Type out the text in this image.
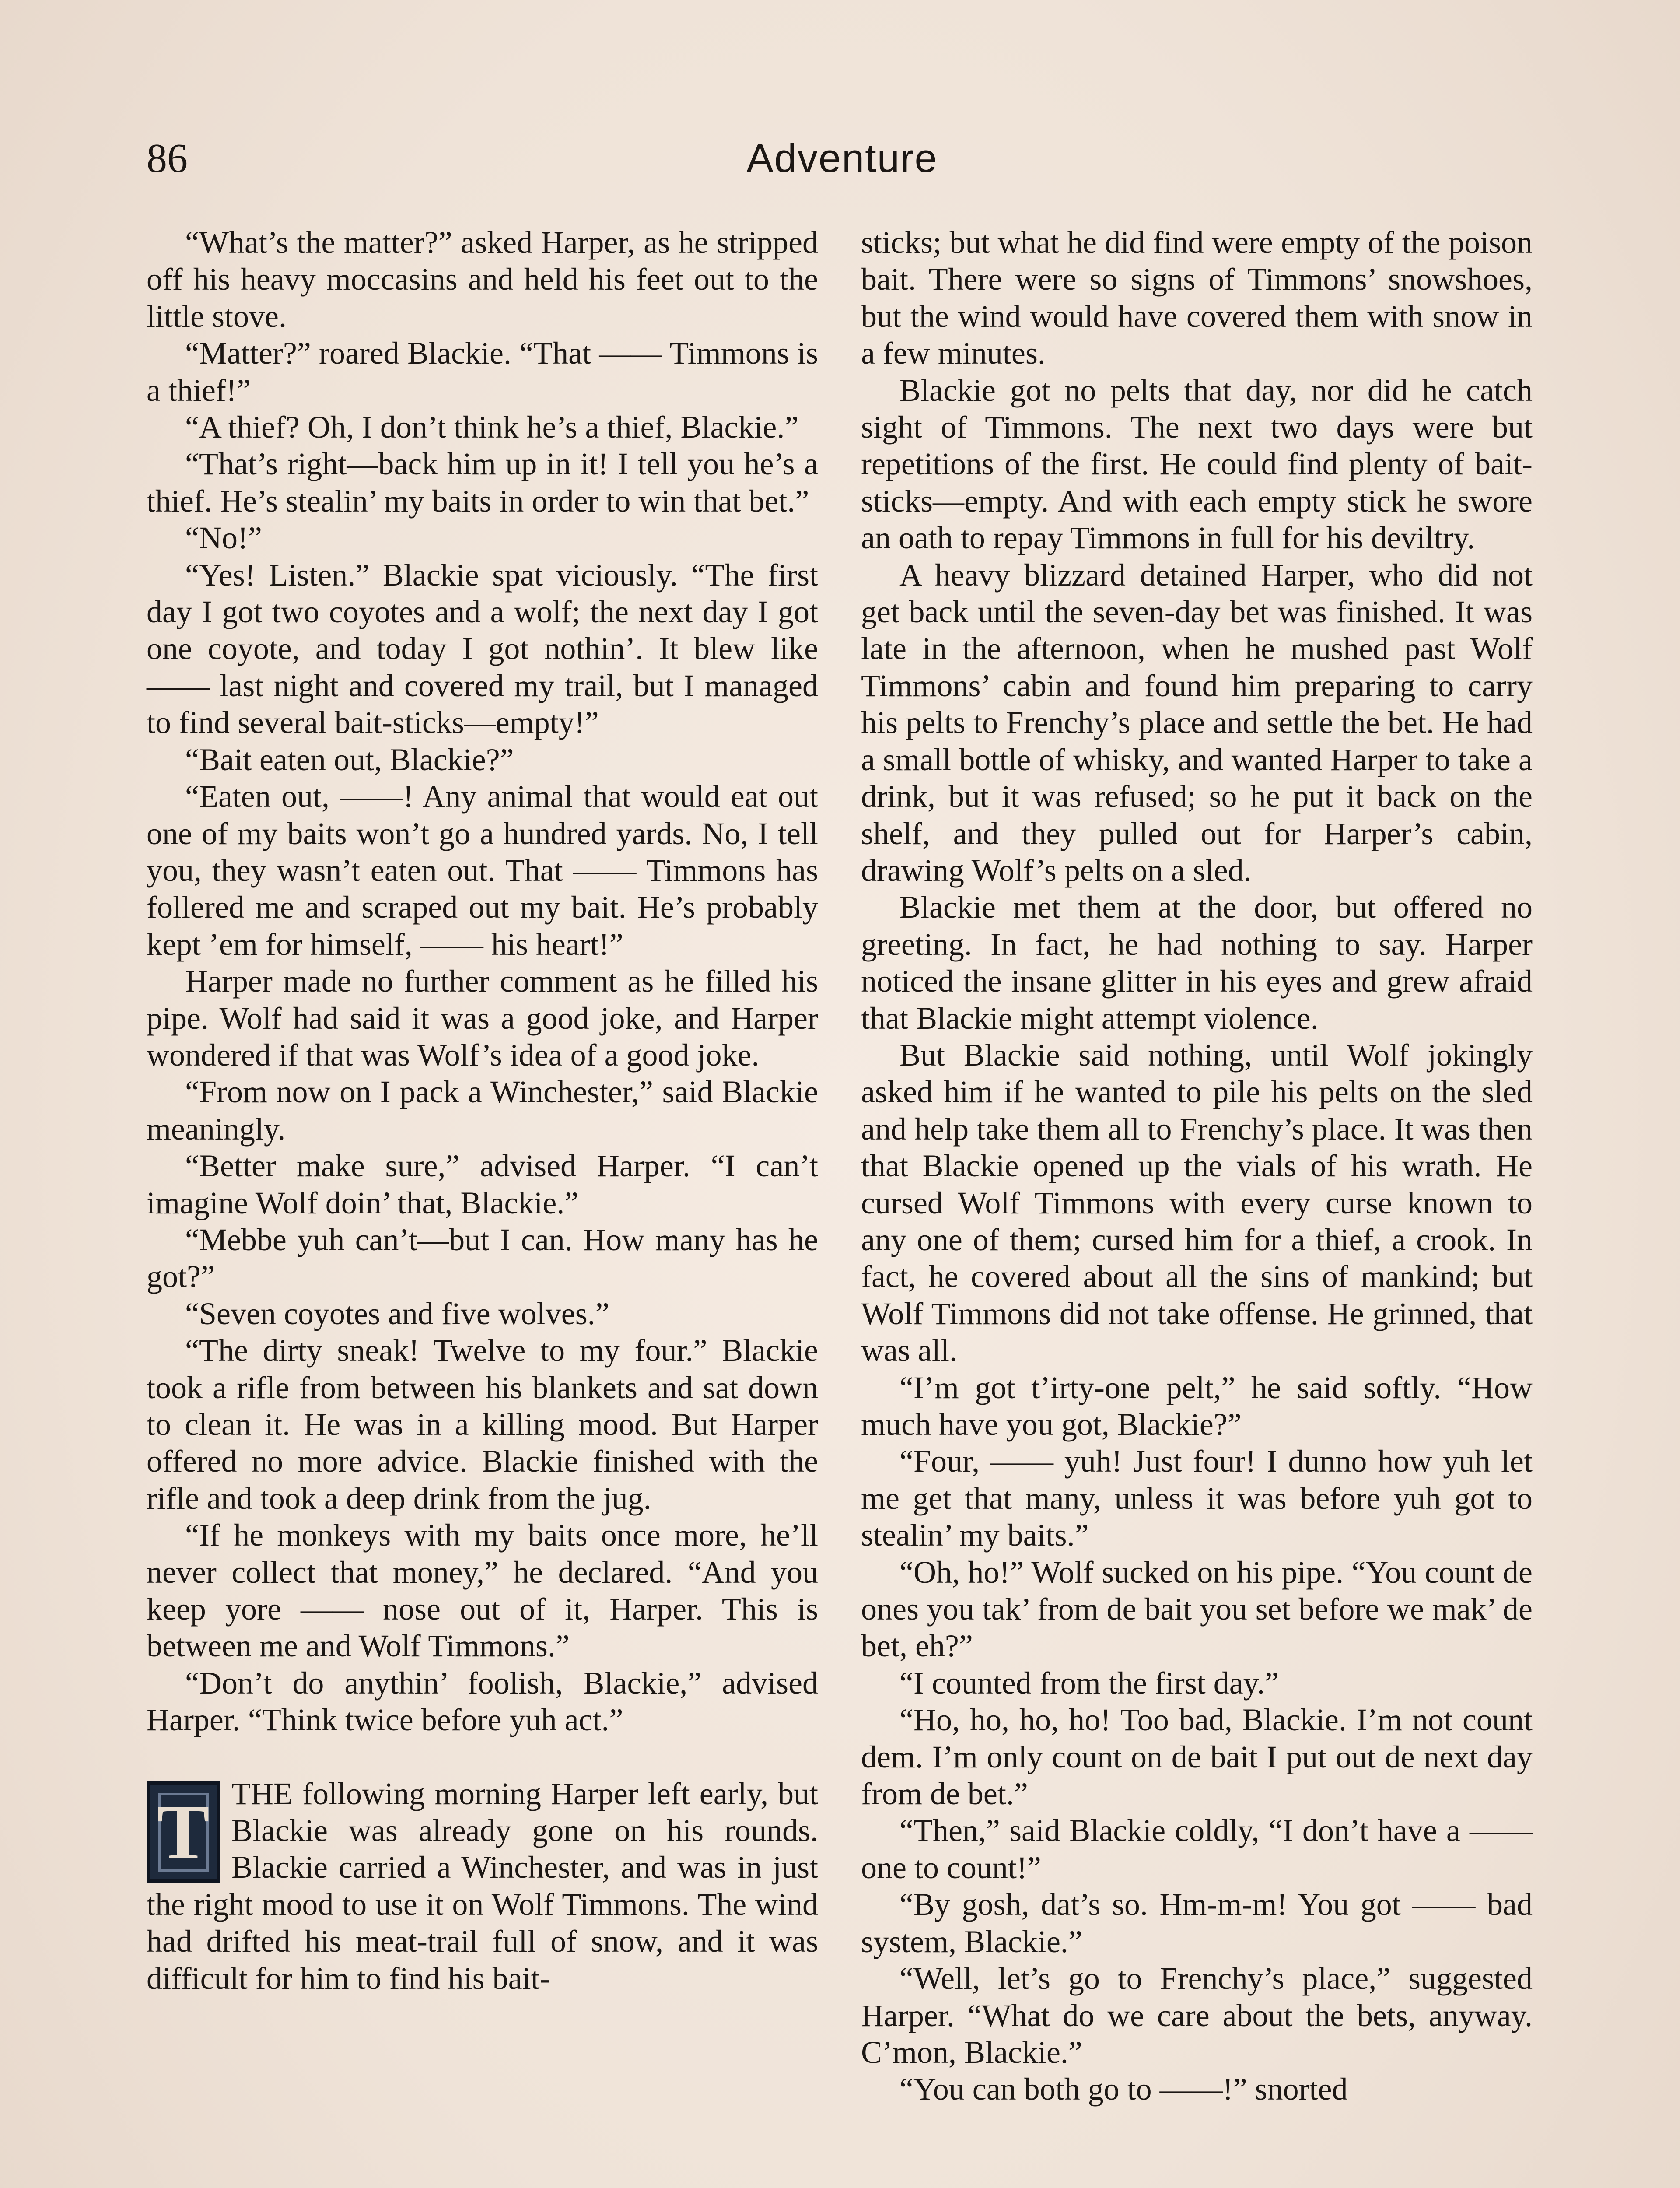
86	Adventure

“What’s the matter?” asked Harper, as he stripped off his heavy moccasins and held his feet out to the little stove.

“Matter?” roared Blackie. “That —— Timmons is a thief!”

“A thief? Oh, I don’t think he’s a thief, Blackie.”

“That’s right—back him up in it! I tell you he’s a thief. He’s stealin’ my baits in order to win that bet.”

“No!”

“Yes! Listen.” Blackie spat viciously. “The first day I got two coyotes and a wolf; the next day I got one coyote, and today I got nothin’. It blew like —— last night and covered my trail, but I managed to find several bait-sticks—empty!”

“Bait eaten out, Blackie?”

“Eaten out, ——! Any animal that would eat out one of my baits won’t go a hundred yards. No, I tell you, they wasn’t eaten out. That —— Timmons has follered me and scraped out my bait. He’s probably kept ’em for himself, —— his heart!”

Harper made no further comment as he filled his pipe. Wolf had said it was a good joke, and Harper wondered if that was Wolf’s idea of a good joke.

“From now on I pack a Winchester,” said Blackie meaningly.

“Better make sure,” advised Harper. “I can’t imagine Wolf doin’ that, Blackie.”

“Mebbe yuh can’t—but I can. How many has he got?”

“Seven coyotes and five wolves.”

“The dirty sneak! Twelve to my four.” Blackie took a rifle from between his blankets and sat down to clean it. He was in a killing mood. But Harper offered no more advice. Blackie finished with the rifle and took a deep drink from the jug.

“If he monkeys with my baits once more, he’ll never collect that money,” he declared. “And you keep yore —— nose out of it, Harper. This is between me and Wolf Timmons.”

“Don’t do anythin’ foolish, Blackie,” advised Harper. “Think twice before yuh act.”

T THE following morning Harper left early, but Blackie was already gone on his rounds. Blackie carried a Winchester, and was in just the right mood to use it on Wolf Timmons. The wind had drifted his meat-trail full of snow, and it was difficult for him to find his bait-

sticks; but what he did find were empty of the poison bait. There were so signs of Timmons’ snowshoes, but the wind would have covered them with snow in a few minutes.

Blackie got no pelts that day, nor did he catch sight of Timmons. The next two days were but repetitions of the first. He could find plenty of bait-sticks—empty. And with each empty stick he swore an oath to repay Timmons in full for his deviltry.

A heavy blizzard detained Harper, who did not get back until the seven-day bet was finished. It was late in the afternoon, when he mushed past Wolf Timmons’ cabin and found him preparing to carry his pelts to Frenchy’s place and settle the bet. He had a small bottle of whisky, and wanted Harper to take a drink, but it was refused; so he put it back on the shelf, and they pulled out for Harper’s cabin, drawing Wolf’s pelts on a sled.

Blackie met them at the door, but offered no greeting. In fact, he had nothing to say. Harper noticed the insane glitter in his eyes and grew afraid that Blackie might attempt violence.

But Blackie said nothing, until Wolf jokingly asked him if he wanted to pile his pelts on the sled and help take them all to Frenchy’s place. It was then that Blackie opened up the vials of his wrath. He cursed Wolf Timmons with every curse known to any one of them; cursed him for a thief, a crook. In fact, he covered about all the sins of mankind; but Wolf Timmons did not take offense. He grinned, that was all.

“I’m got t’irty-one pelt,” he said softly. “How much have you got, Blackie?”

“Four, —— yuh! Just four! I dunno how yuh let me get that many, unless it was before yuh got to stealin’ my baits.”

“Oh, ho!” Wolf sucked on his pipe. “You count de ones you tak’ from de bait you set before we mak’ de bet, eh?”

“I counted from the first day.”

“Ho, ho, ho, ho! Too bad, Blackie. I’m not count dem. I’m only count on de bait I put out de next day from de bet.”

“Then,” said Blackie coldly, “I don’t have a —— one to count!”

“By gosh, dat’s so. Hm-m-m! You got —— bad system, Blackie.”

“Well, let’s go to Frenchy’s place,” suggested Harper. “What do we care about the bets, anyway. C’mon, Blackie.”

“You can both go to ——!” snorted
